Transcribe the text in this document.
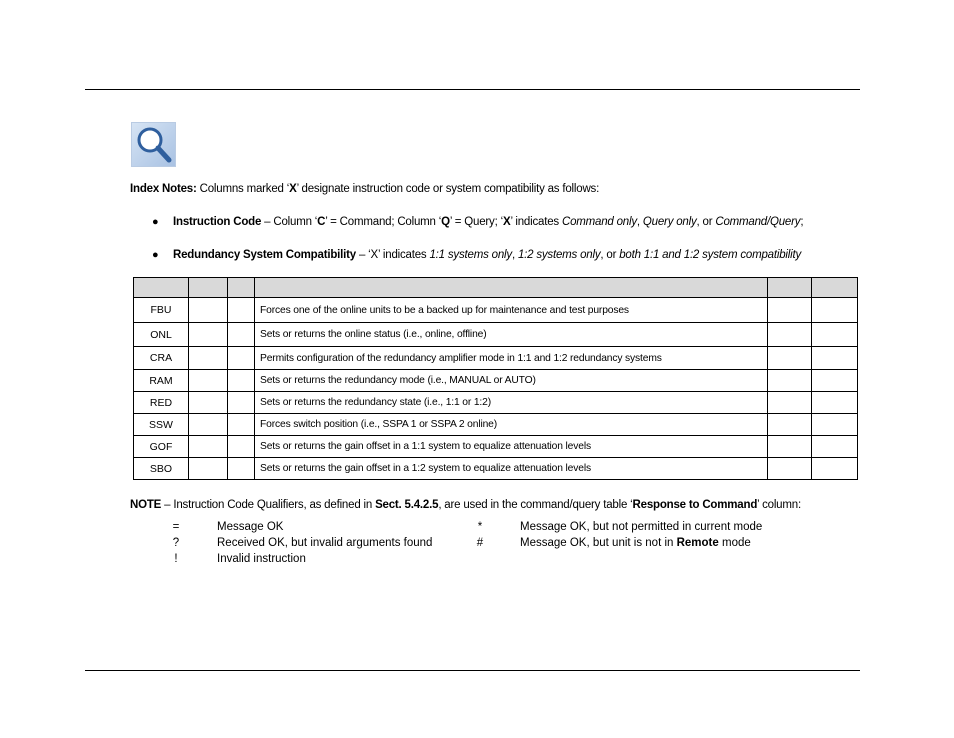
Index Notes: Columns marked ‘X’ designate instruction code or system compatibility as follows:
● Instruction Code – Column ‘C’ = Command; Column ‘Q’ = Query; ‘X’ indicates Command only, Query only, or Command/Query;
● Redundancy System Compatibility – ‘X’ indicates 1:1 systems only, 1:2 systems only, or both 1:1 and 1:2 system compatibility

FBU			Forces one of the online units to be a backed up for maintenance and test purposes		
ONL			Sets or returns the online status (i.e., online, offline)		
CRA			Permits configuration of the redundancy amplifier mode in 1:1 and 1:2 redundancy systems		
RAM			Sets or returns the redundancy mode (i.e., MANUAL or AUTO)		
RED			Sets or returns the redundancy state (i.e., 1:1 or 1:2)		
SSW			Forces switch position (i.e., SSPA 1 or SSPA 2 online)		
GOF			Sets or returns the gain offset in a 1:1 system to equalize attenuation levels		
SBO			Sets or returns the gain offset in a 1:2 system to equalize attenuation levels		
NOTE – Instruction Code Qualifiers, as defined in Sect. 5.4.2.5, are used in the command/query table ‘Response to Command’ column:
=	Message OK
?	Received OK, but invalid arguments found
!	Invalid instruction
*	Message OK, but not permitted in current mode
#	Message OK, but unit is not in Remote mode
